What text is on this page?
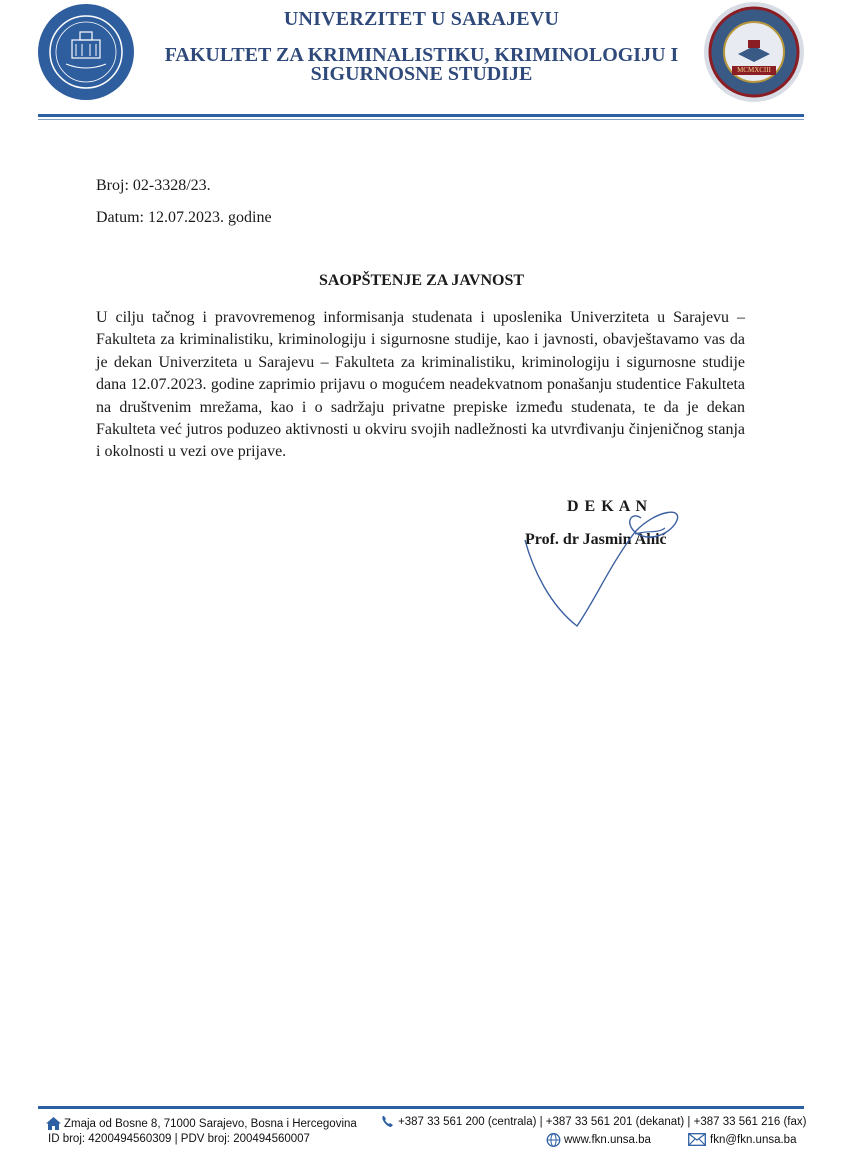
MCMXCIII
UNIVERZITET U SARAJEVU
FAKULTET ZA KRIMINALISTIKU, KRIMINOLOGIJU I
SIGURNOSNE STUDIJE
Broj: 02-3328/23.
Datum: 12.07.2023. godine
SAOPŠTENJE ZA JAVNOST
U cilju tačnog i pravovremenog informisanja studenata i uposlenika Univerziteta u Sarajevu – Fakulteta za kriminalistiku, kriminologiju i sigurnosne studije, kao i javnosti, obavještavamo vas da je dekan Univerziteta u Sarajevu – Fakulteta za kriminalistiku, kriminologiju i sigurnosne studije dana 12.07.2023. godine zaprimio prijavu o mogućem neadekvatnom ponašanju studentice Fakulteta na društvenim mrežama, kao i o sadržaju privatne prepiske između studenata, te da je dekan Fakulteta već jutros poduzeo aktivnosti u okviru svojih nadležnosti ka utvrđivanju činjeničnog stanja i okolnosti u vezi ove prijave.
D E K A N
Prof. dr Jasmin Ahić
Zmaja od Bosne 8, 71000 Sarajevo, Bosna i Hercegovina
ID broj: 4200494560309 | PDV broj: 200494560007
+387 33 561 200 (centrala) | +387 33 561 201 (dekanat) | +387 33 561 216 (fax)
www.fkn.unsa.ba	fkn@fkn.unsa.ba
